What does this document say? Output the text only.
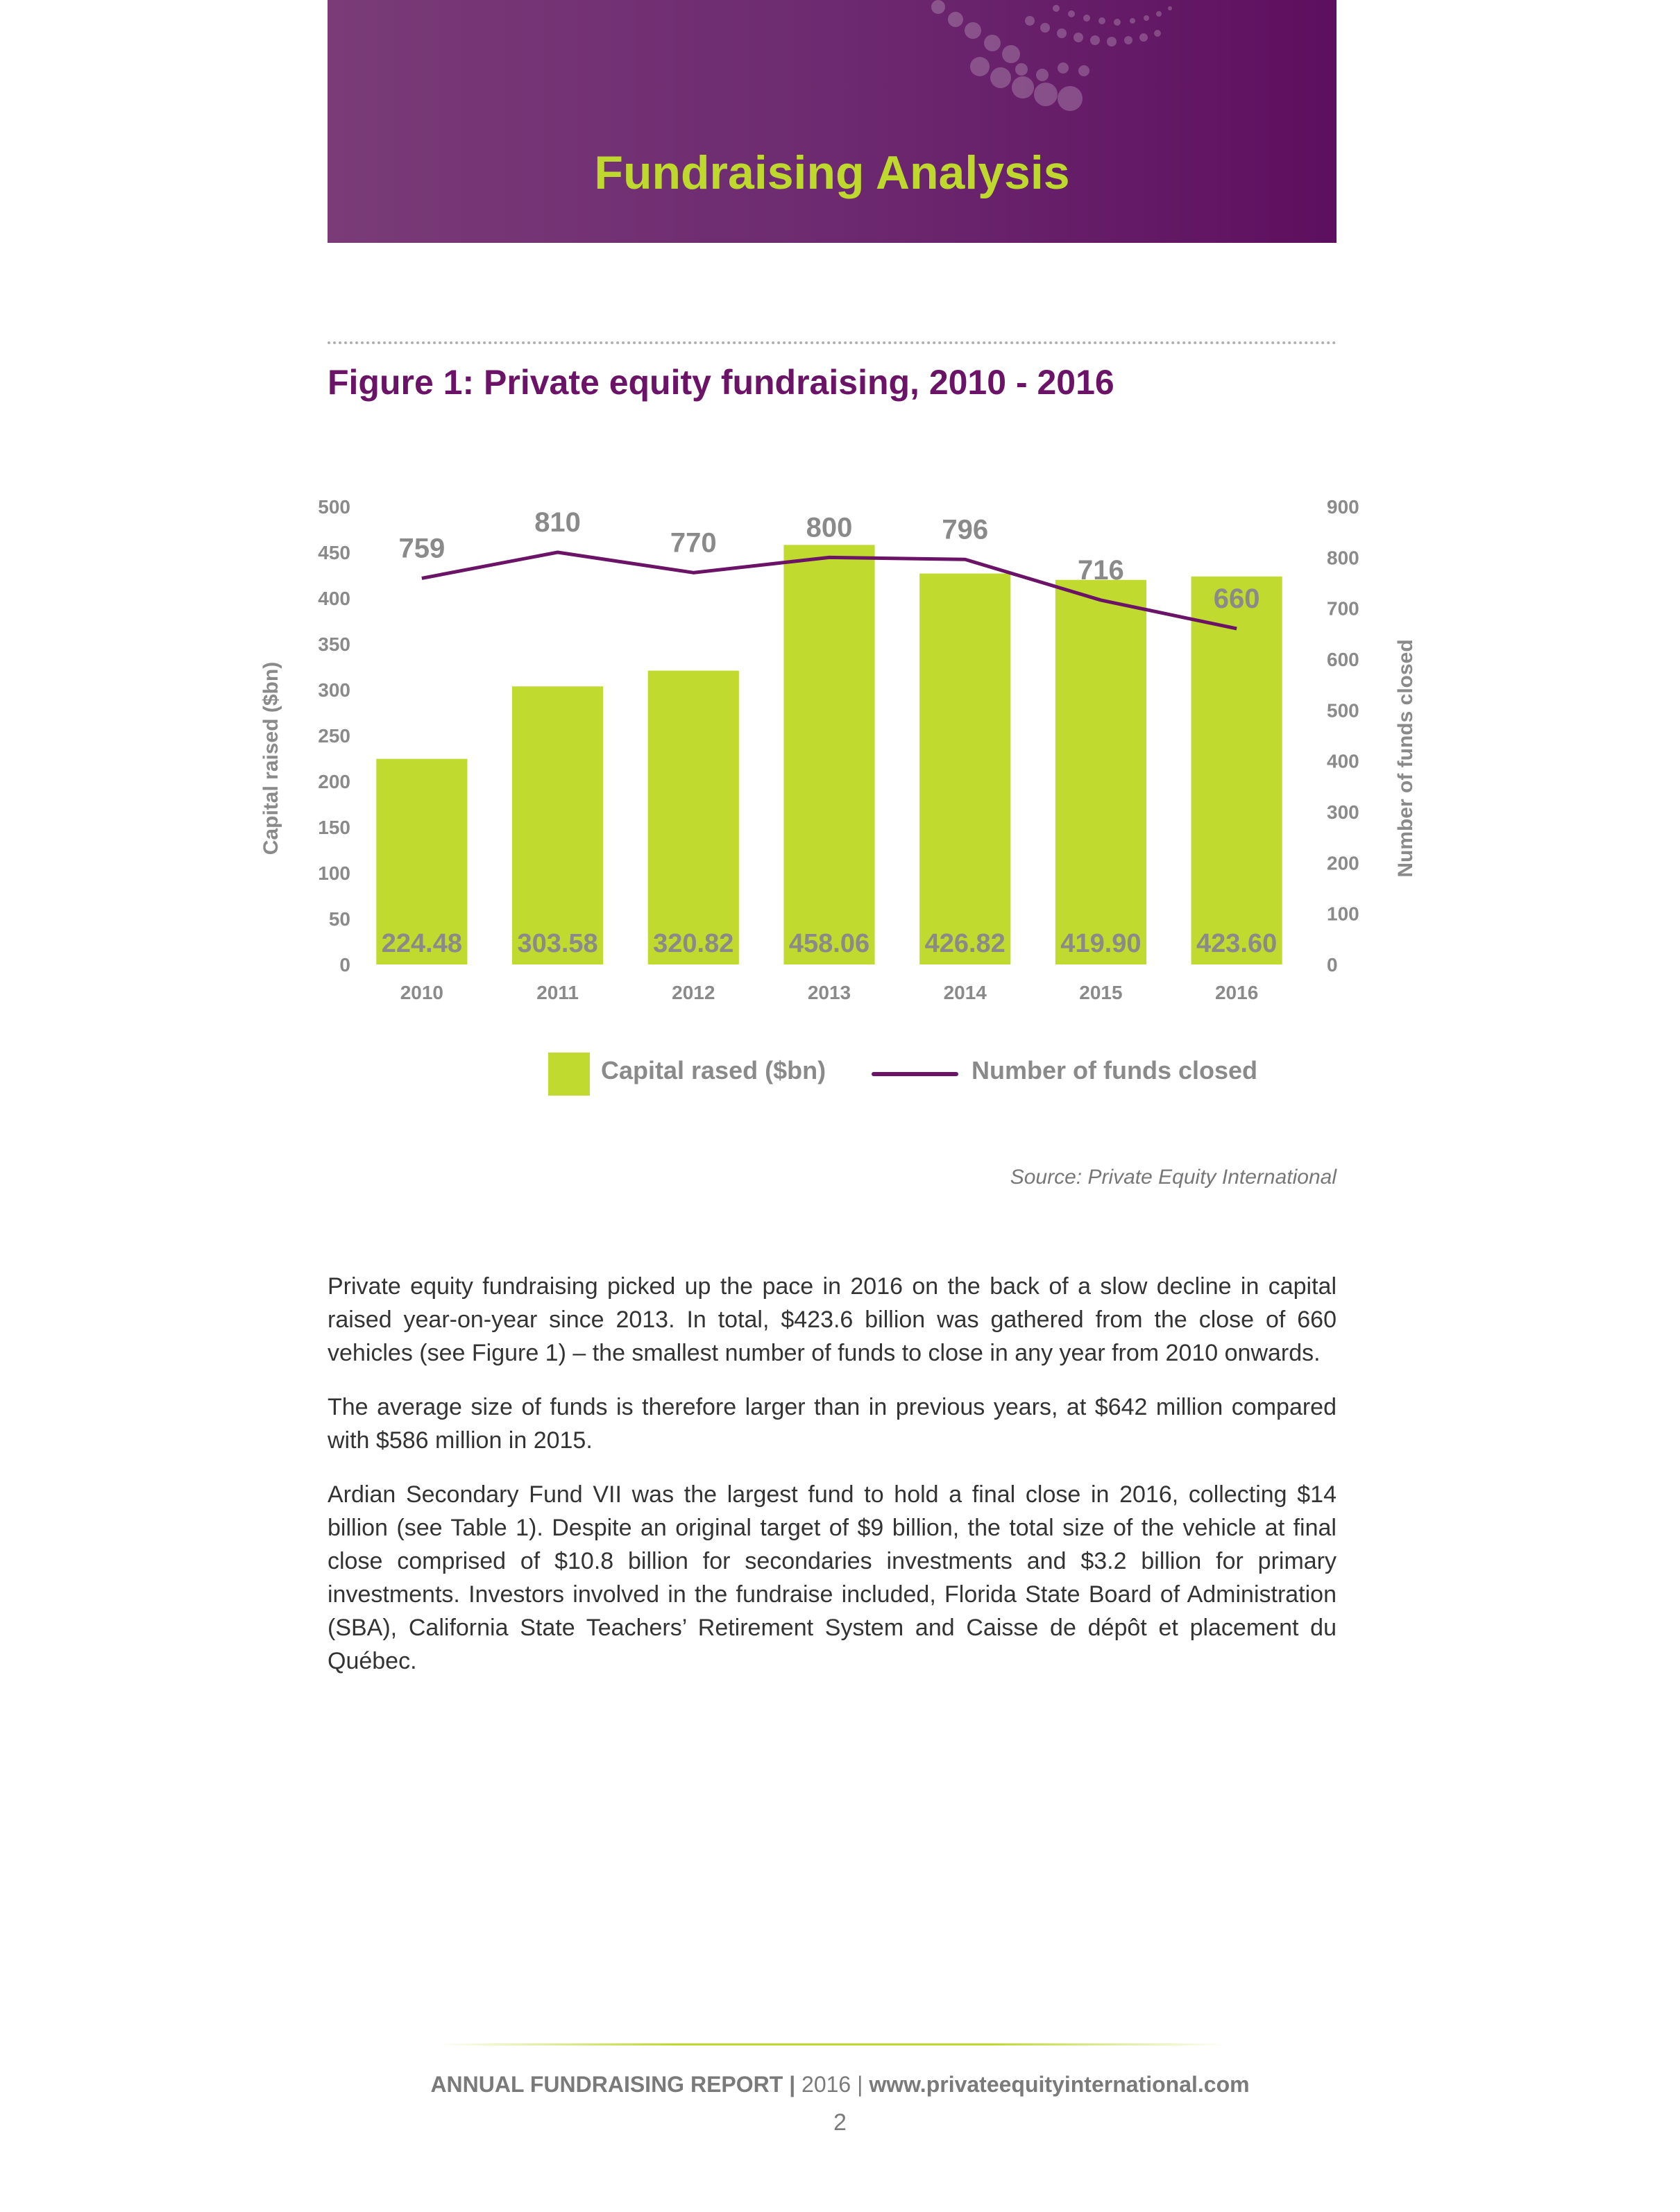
Fundraising Analysis
Figure 1: Private equity fundraising, 2010 - 2016
0
50
100
150
200
250
300
350
400
450
500
0
100
200
300
400
500
600
700
800
900
Capital raised ($bn)	Number of funds closed
224.48
2010
303.58
2011
320.82
2012
458.06
2013
426.82
2014
419.90
2015
423.60
2016
759
810
770	800	796
716
660
Capital rased ($bn)	Number of funds closed
Source: Private Equity International

Private equity fundraising picked up the pace in 2016 on the back of a slow decline in capital raised year-on-year since 2013. In total, $423.6 billion was gathered from the close of 660 vehicles (see Figure 1) – the smallest number of funds to close in any year from 2010 onwards.

The average size of funds is therefore larger than in previous years, at $642 million compared with $586 million in 2015.

Ardian Secondary Fund VII was the largest fund to hold a final close in 2016, collecting $14 billion (see Table 1). Despite an original target of $9 billion, the total size of the vehicle at final close comprised of $10.8 billion for secondaries investments and $3.2 billion for primary investments. Investors involved in the fundraise included, Florida State Board of Administration (SBA), California State Teachers’ Retirement System and Caisse de dépôt et placement du Québec.

ANNUAL FUNDRAISING REPORT | 2016 | www.privateequityinternational.com
2
